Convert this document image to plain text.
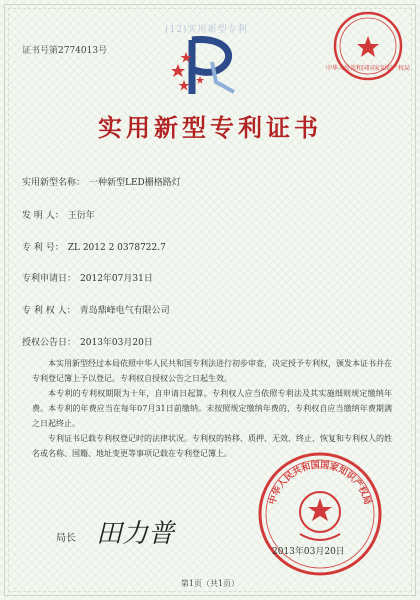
证书号第2774013号
(12)实用新型专利
中华人民共和国国家知识产权局
实用新型专利证书
实用新型名称： 一种新型LED栅格路灯
发 明 人： 王衍年
专 利 号： ZL 2012 2 0378722.7
专利申请日： 2012年07月31日
专 利 权 人： 青岛鼎峰电气有限公司
授权公告日： 2013年03月20日

本实用新型经过本局依照中华人民共和国专利法进行初步审查，决定授予专利权，颁发本证书并在专利登记簿上予以登记。专利权自授权公告之日起生效。

本专利的专利权期限为十年，自申请日起算。专利权人应当依照专利法及其实施细则规定缴纳年费。本专利的年费应当在每年07月31日前缴纳。未按照规定缴纳年费的，专利权自应当缴纳年费期满之日起终止。

专利证书记载专利权登记时的法律状况。专利权的转移、质押、无效、终止、恢复和专利权人的姓名或名称、国籍、地址变更等事项记载在专利登记簿上。

局长 田力普
中华人民共和国国家知识产权局
2013年03月20日
第1页（共1页）
